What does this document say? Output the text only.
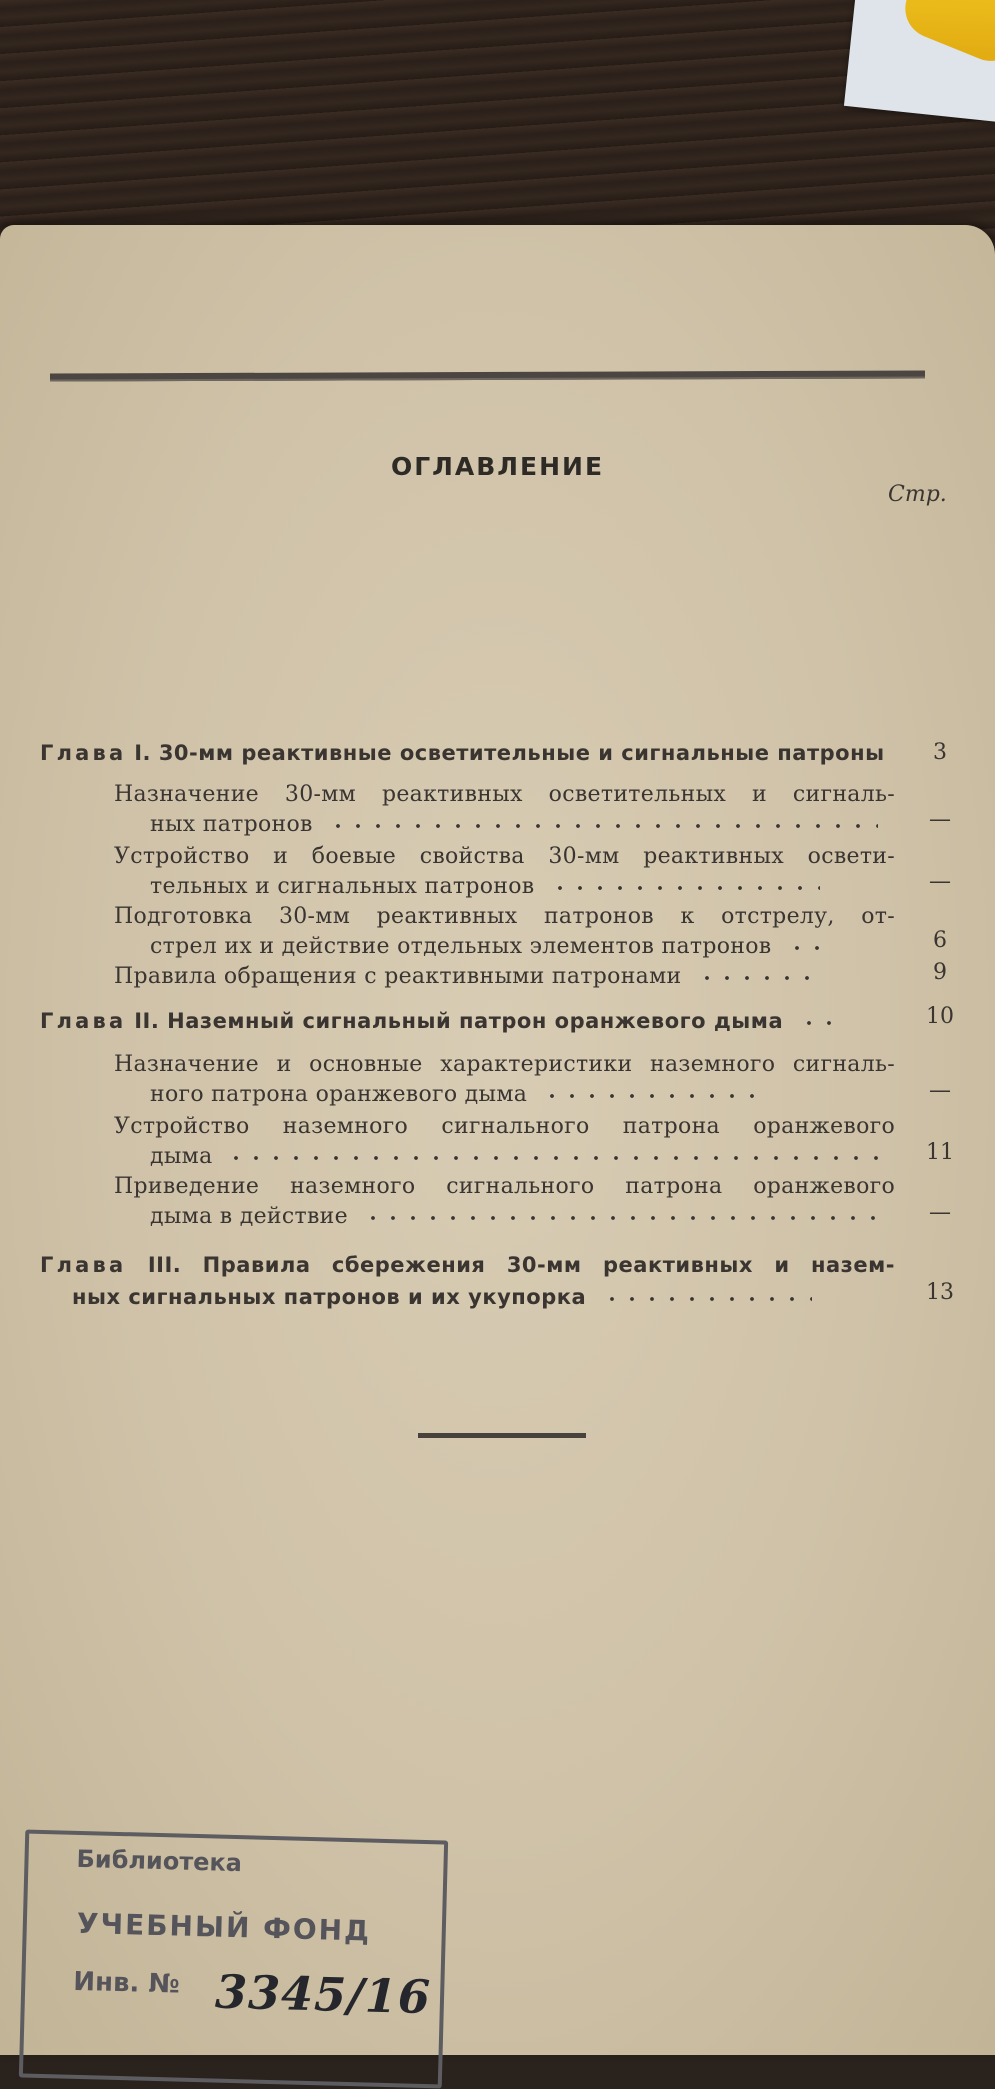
ОГЛАВЛЕНИЕ
Стр.
Глава I. 30-мм реактивные осветительные и сигнальные патроны	3
Назначение 30-мм реактивных осветительных и сигналь-
ных патронов	—
Устройство и боевые свойства 30-мм реактивных освети-
тельных и сигнальных патронов	—
Подготовка 30-мм реактивных патронов к отстрелу, от-
стрел их и действие отдельных элементов патронов	6
Правила обращения с реактивными патронами	9
Глава II. Наземный сигнальный патрон оранжевого дыма	10
Назначение и основные характеристики наземного сигналь-
ного патрона оранжевого дыма	—
Устройство наземного сигнального патрона оранжевого
дыма	11
Приведение наземного сигнального патрона оранжевого
дыма в действие	—
Глава III. Правила сбережения 30-мм реактивных и назем-
ных сигнальных патронов и их укупорка	13
Библиотека
УЧЕБНЫЙ ФОНД
Инв. № 3345/16
